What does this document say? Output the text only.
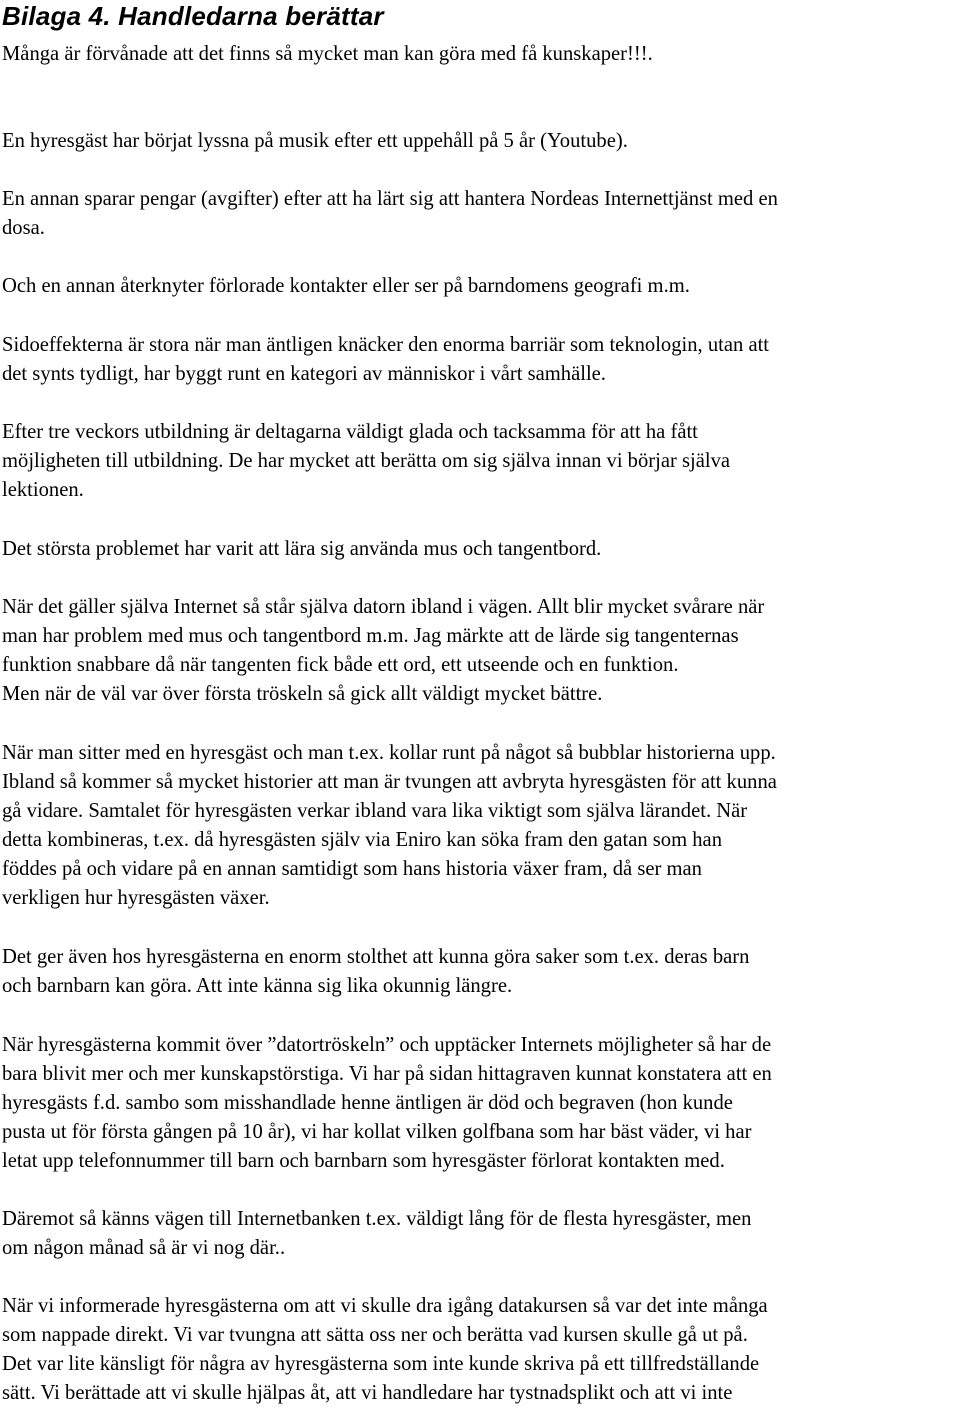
Bilaga 4. Handledarna berättar

Många är förvånade att det finns så mycket man kan göra med få kunskaper!!!.

En hyresgäst har börjat lyssna på musik efter ett uppehåll på 5 år (Youtube).

En annan sparar pengar (avgifter) efter att ha lärt sig att hantera Nordeas Internettjänst med en
dosa.

Och en annan återknyter förlorade kontakter eller ser på barndomens geografi m.m.

Sidoeffekterna är stora när man äntligen knäcker den enorma barriär som teknologin, utan att
det synts tydligt, har byggt runt en kategori av människor i vårt samhälle.

Efter tre veckors utbildning är deltagarna väldigt glada och tacksamma för att ha fått
möjligheten till utbildning. De har mycket att berätta om sig själva innan vi börjar själva
lektionen.

Det största problemet har varit att lära sig använda mus och tangentbord.

När det gäller själva Internet så står själva datorn ibland i vägen. Allt blir mycket svårare när
man har problem med mus och tangentbord m.m. Jag märkte att de lärde sig tangenternas
funktion snabbare då när tangenten fick både ett ord, ett utseende och en funktion.
Men när de väl var över första tröskeln så gick allt väldigt mycket bättre.

När man sitter med en hyresgäst och man t.ex. kollar runt på något så bubblar historierna upp.
Ibland så kommer så mycket historier att man är tvungen att avbryta hyresgästen för att kunna
gå vidare. Samtalet för hyresgästen verkar ibland vara lika viktigt som själva lärandet. När
detta kombineras, t.ex. då hyresgästen själv via Eniro kan söka fram den gatan som han
föddes på och vidare på en annan samtidigt som hans historia växer fram, då ser man
verkligen hur hyresgästen växer.

Det ger även hos hyresgästerna en enorm stolthet att kunna göra saker som t.ex. deras barn
och barnbarn kan göra. Att inte känna sig lika okunnig längre.

När hyresgästerna kommit över ”datortröskeln” och upptäcker Internets möjligheter så har de
bara blivit mer och mer kunskapstörstiga. Vi har på sidan hittagraven kunnat konstatera att en
hyresgästs f.d. sambo som misshandlade henne äntligen är död och begraven (hon kunde
pusta ut för första gången på 10 år), vi har kollat vilken golfbana som har bäst väder, vi har
letat upp telefonnummer till barn och barnbarn som hyresgäster förlorat kontakten med.

Däremot så känns vägen till Internetbanken t.ex. väldigt lång för de flesta hyresgäster, men
om någon månad så är vi nog där..

När vi informerade hyresgästerna om att vi skulle dra igång datakursen så var det inte många
som nappade direkt. Vi var tvungna att sätta oss ner och berätta vad kursen skulle gå ut på.
Det var lite känsligt för några av hyresgästerna som inte kunde skriva på ett tillfredställande
sätt. Vi berättade att vi skulle hjälpas åt, att vi handledare har tystnadsplikt och att vi inte
